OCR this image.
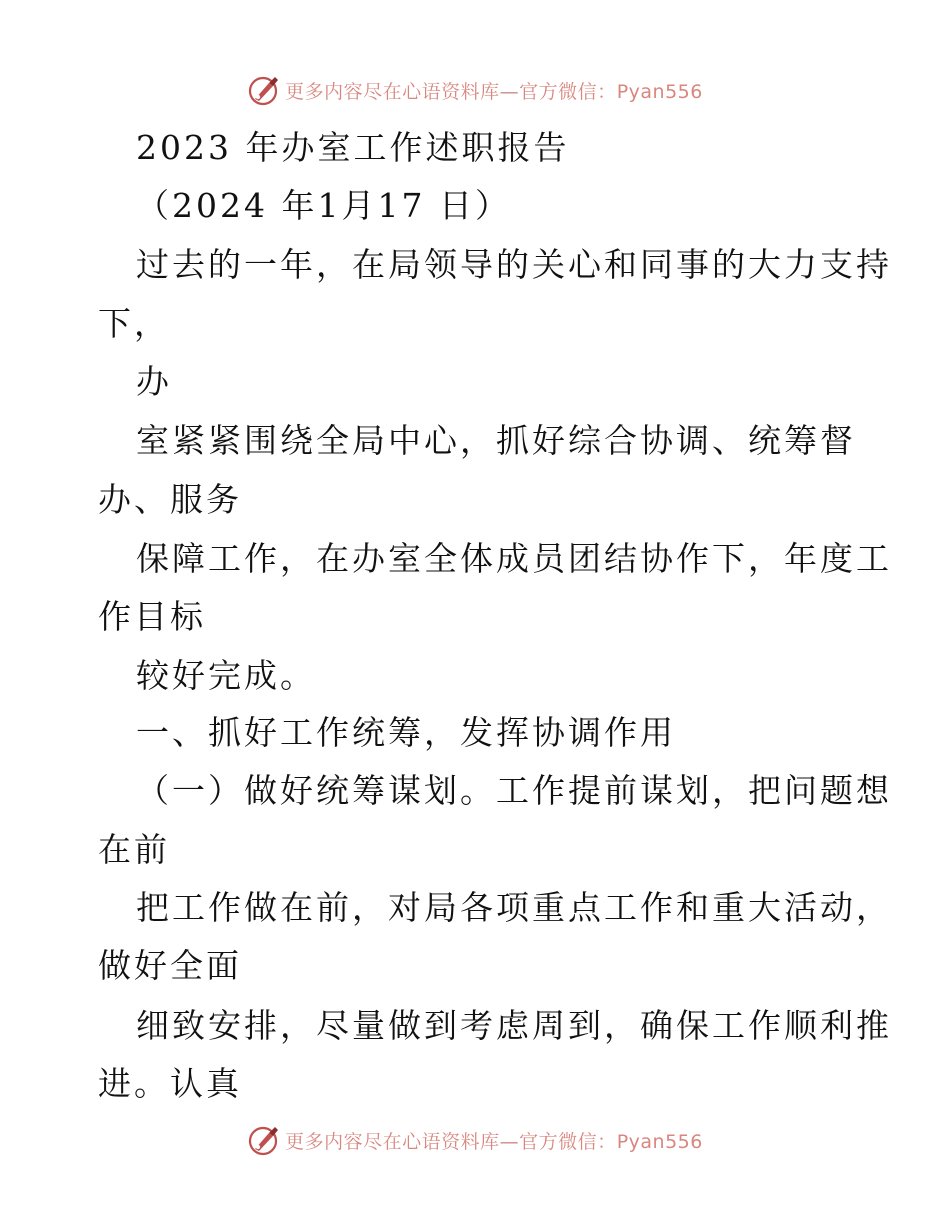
更多内容尽在心语资料库—官方微信：Pyan556
2023 年办室工作述职报告
（2024 年1月17 日）
过去的一年，在局领导的关心和同事的大力支持
下，
办
室紧紧围绕全局中心，抓好综合协调、统筹督
办、服务
保障工作，在办室全体成员团结协作下，年度工
作目标
较好完成。
一、抓好工作统筹，发挥协调作用
（一）做好统筹谋划。工作提前谋划，把问题想
在前
把工作做在前，对局各项重点工作和重大活动，
做好全面
细致安排，尽量做到考虑周到，确保工作顺利推
进。认真
更多内容尽在心语资料库—官方微信：Pyan556
